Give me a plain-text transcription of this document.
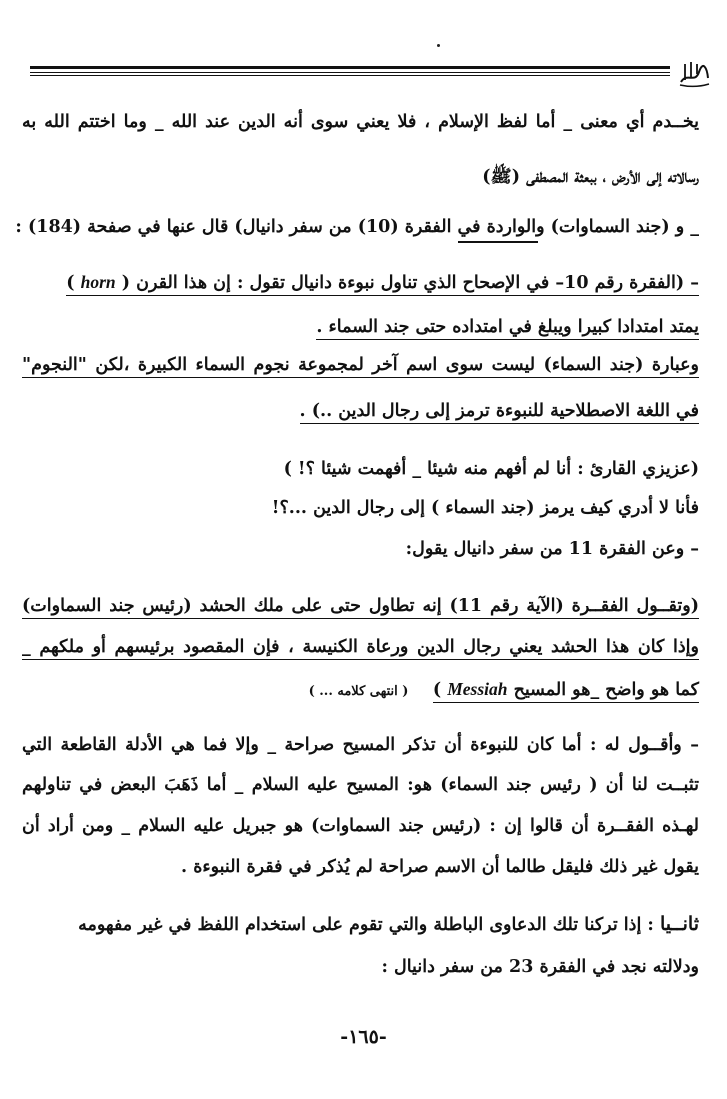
يخــدم أي معنى _ أما لفظ الإسلام ، فلا يعني سوى أنه الدين عند الله _ وما اختتم الله به
رسالاته إلى الأرض ، ببعثة المصطفى (ﷺ)
_ و (جند السماوات) والواردة في الفقرة (10) من سفر دانيال) قال عنها في صفحة (184) :
– (الفقرة رقم 10– في الإصحاح الذي تناول نبوءة دانيال تقول : إن هذا القرن ( horn )
يمتد امتدادا كبيرا ويبلغ في امتداده حتى جند السماء .
وعبارة (جند السماء) ليست سوى اسم آخر لمجموعة نجوم السماء الكبيرة ،لكن "النجوم"
في اللغة الاصطلاحية للنبوءة ترمز إلى رجال الدين ..) .
(عزيزي القارئ : أنا لم أفهم منه شيئا _ أفهمت شيئا ؟! )
فأنا لا أدري كيف يرمز (جند السماء ) إلى رجال الدين ...؟!
– وعن الفقرة 11 من سفر دانيال يقول:
(وتقــول الفقــرة (الآية رقم 11) إنه تطاول حتى على ملك الحشد (رئيس جند السماوات)
وإذا كان هذا الحشد يعني رجال الدين ورعاة الكنيسة ، فإن المقصود برئيسهم أو ملكهم _
كما هو واضح _هو المسيح Messiah )    ( انتهى كلامه ... )
– وأقــول له : أما كان للنبوءة أن تذكر المسيح صراحة _ وإلا فما هي الأدلة القاطعة التي
تثبــت لنا أن ( رئيس جند السماء) هو: المسيح عليه السلام _ أما ذَهَبَ البعض في تناولهم
لهـذه الفقــرة أن قالوا إن : (رئيس جند السماوات) هو جبريل عليه السلام _ ومن أراد أن
يقول غير ذلك فليقل طالما أن الاسم صراحة لم يُذكر في فقرة النبوءة .
ثانــيا : إذا تركنا تلك الدعاوى الباطلة والتي تقوم على استخدام اللفظ في غير مفهومه
ودلالته نجد في الفقرة 23 من سفر دانيال :
-١٦٥-
